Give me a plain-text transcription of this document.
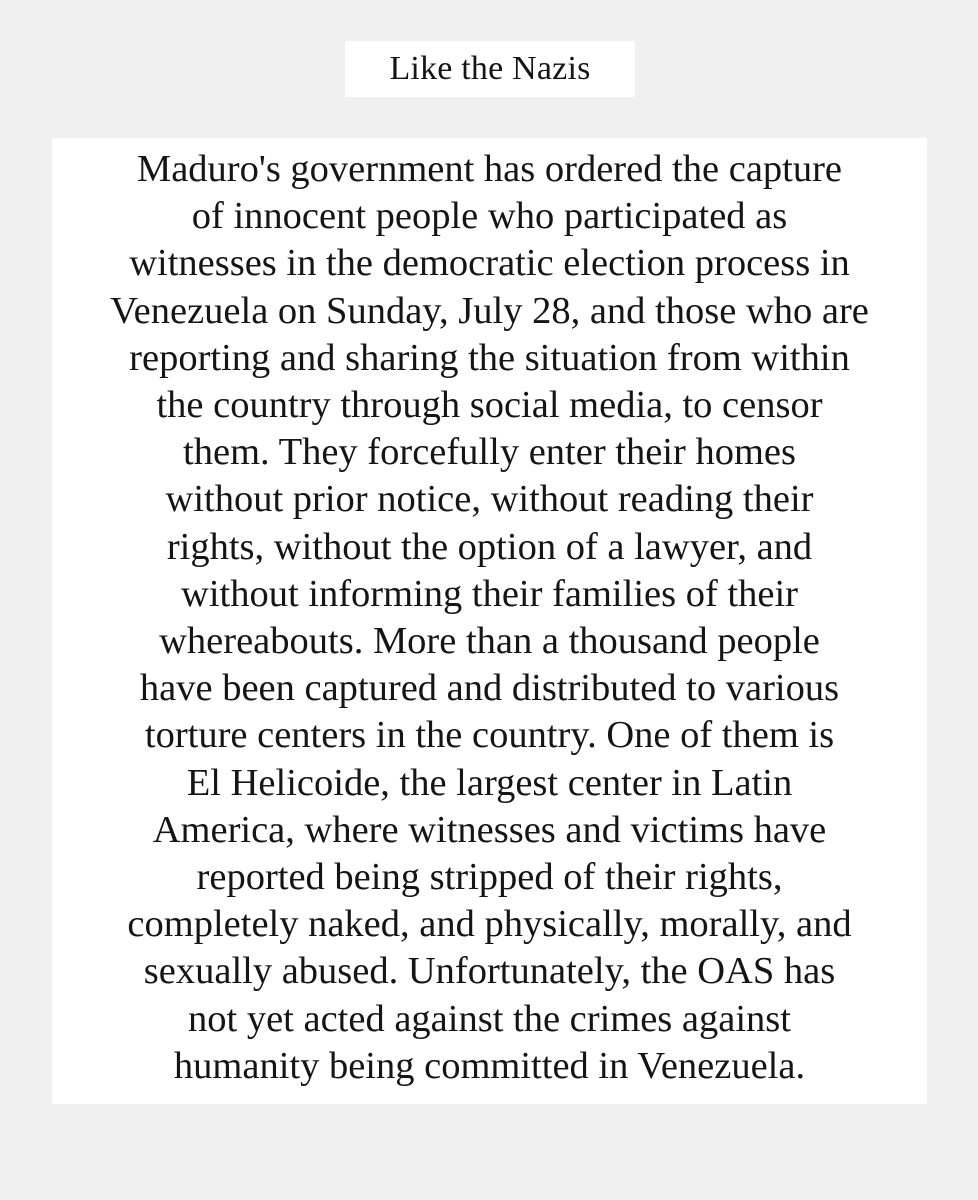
Like the Nazis
Maduro's government has ordered the capture
of innocent people who participated as
witnesses in the democratic election process in
Venezuela on Sunday, July 28, and those who are
reporting and sharing the situation from within
the country through social media, to censor
them. They forcefully enter their homes
without prior notice, without reading their
rights, without the option of a lawyer, and
without informing their families of their
whereabouts. More than a thousand people
have been captured and distributed to various
torture centers in the country. One of them is
El Helicoide, the largest center in Latin
America, where witnesses and victims have
reported being stripped of their rights,
completely naked, and physically, morally, and
sexually abused. Unfortunately, the OAS has
not yet acted against the crimes against
humanity being committed in Venezuela.
